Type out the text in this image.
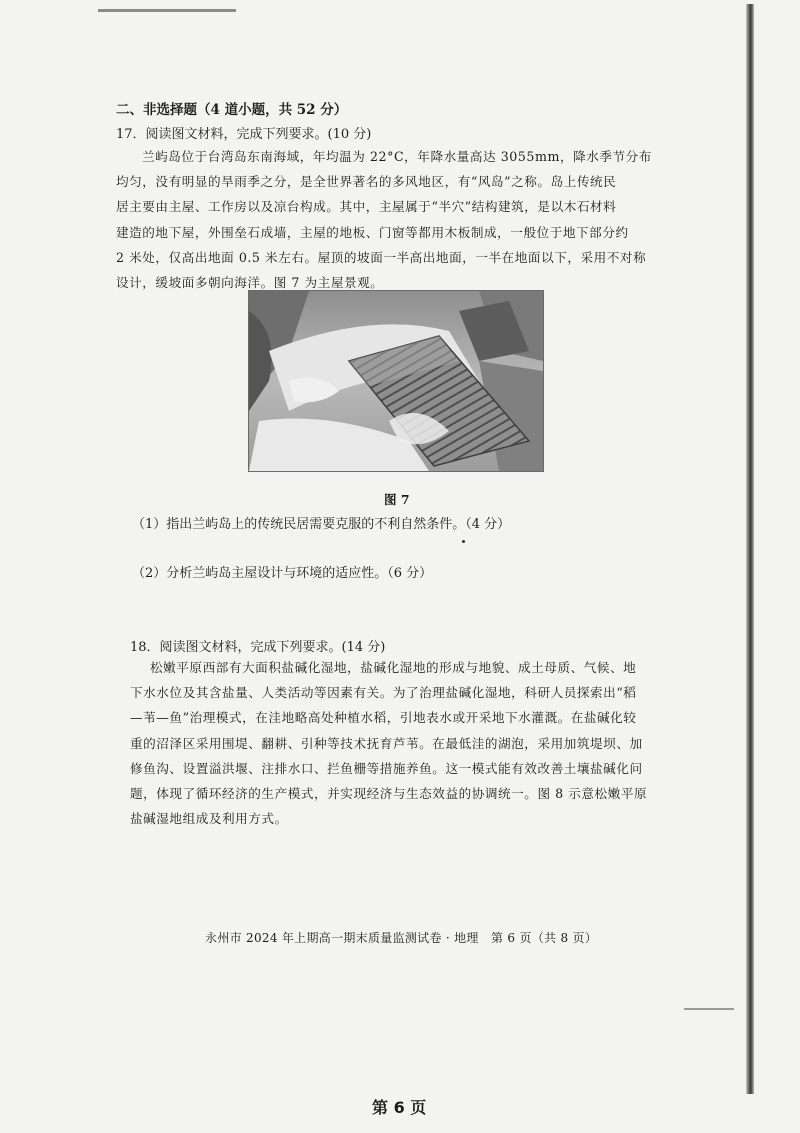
二、非选择题（4 道小题，共 52 分）
17．阅读图文材料，完成下列要求。(10 分)
兰屿岛位于台湾岛东南海域，年均温为 22°C，年降水量高达 3055mm，降水季节分布
均匀，没有明显的旱雨季之分，是全世界著名的多风地区，有“风岛”之称。岛上传统民
居主要由主屋、工作房以及凉台构成。其中，主屋属于“半穴”结构建筑，是以木石材料
建造的地下屋，外围垒石成墙，主屋的地板、门窗等都用木板制成，一般位于地下部分约
2 米处，仅高出地面 0.5 米左右。屋顶的坡面一半高出地面，一半在地面以下，采用不对称
设计，缓坡面多朝向海洋。图 7 为主屋景观。
图 7
（1）指出兰屿岛上的传统民居需要克服的不利自然条件。（4 分）
（2）分析兰屿岛主屋设计与环境的适应性。（6 分）
18．阅读图文材料，完成下列要求。(14 分)
松嫩平原西部有大面积盐碱化湿地，盐碱化湿地的形成与地貌、成土母质、气候、地
下水水位及其含盐量、人类活动等因素有关。为了治理盐碱化湿地，科研人员探索出“稻
—苇—鱼”治理模式，在洼地略高处种植水稻，引地表水或开采地下水灌溉。在盐碱化较
重的沼泽区采用围堤、翻耕、引种等技术抚育芦苇。在最低洼的湖泡，采用加筑堤坝、加
修鱼沟、设置溢洪堰、注排水口、拦鱼栅等措施养鱼。这一模式能有效改善土壤盐碱化问
题，体现了循环经济的生产模式，并实现经济与生态效益的协调统一。图 8 示意松嫩平原
盐碱湿地组成及利用方式。
永州市 2024 年上期高一期末质量监测试卷 · 地理　第 6 页（共 8 页）
第 6 页
